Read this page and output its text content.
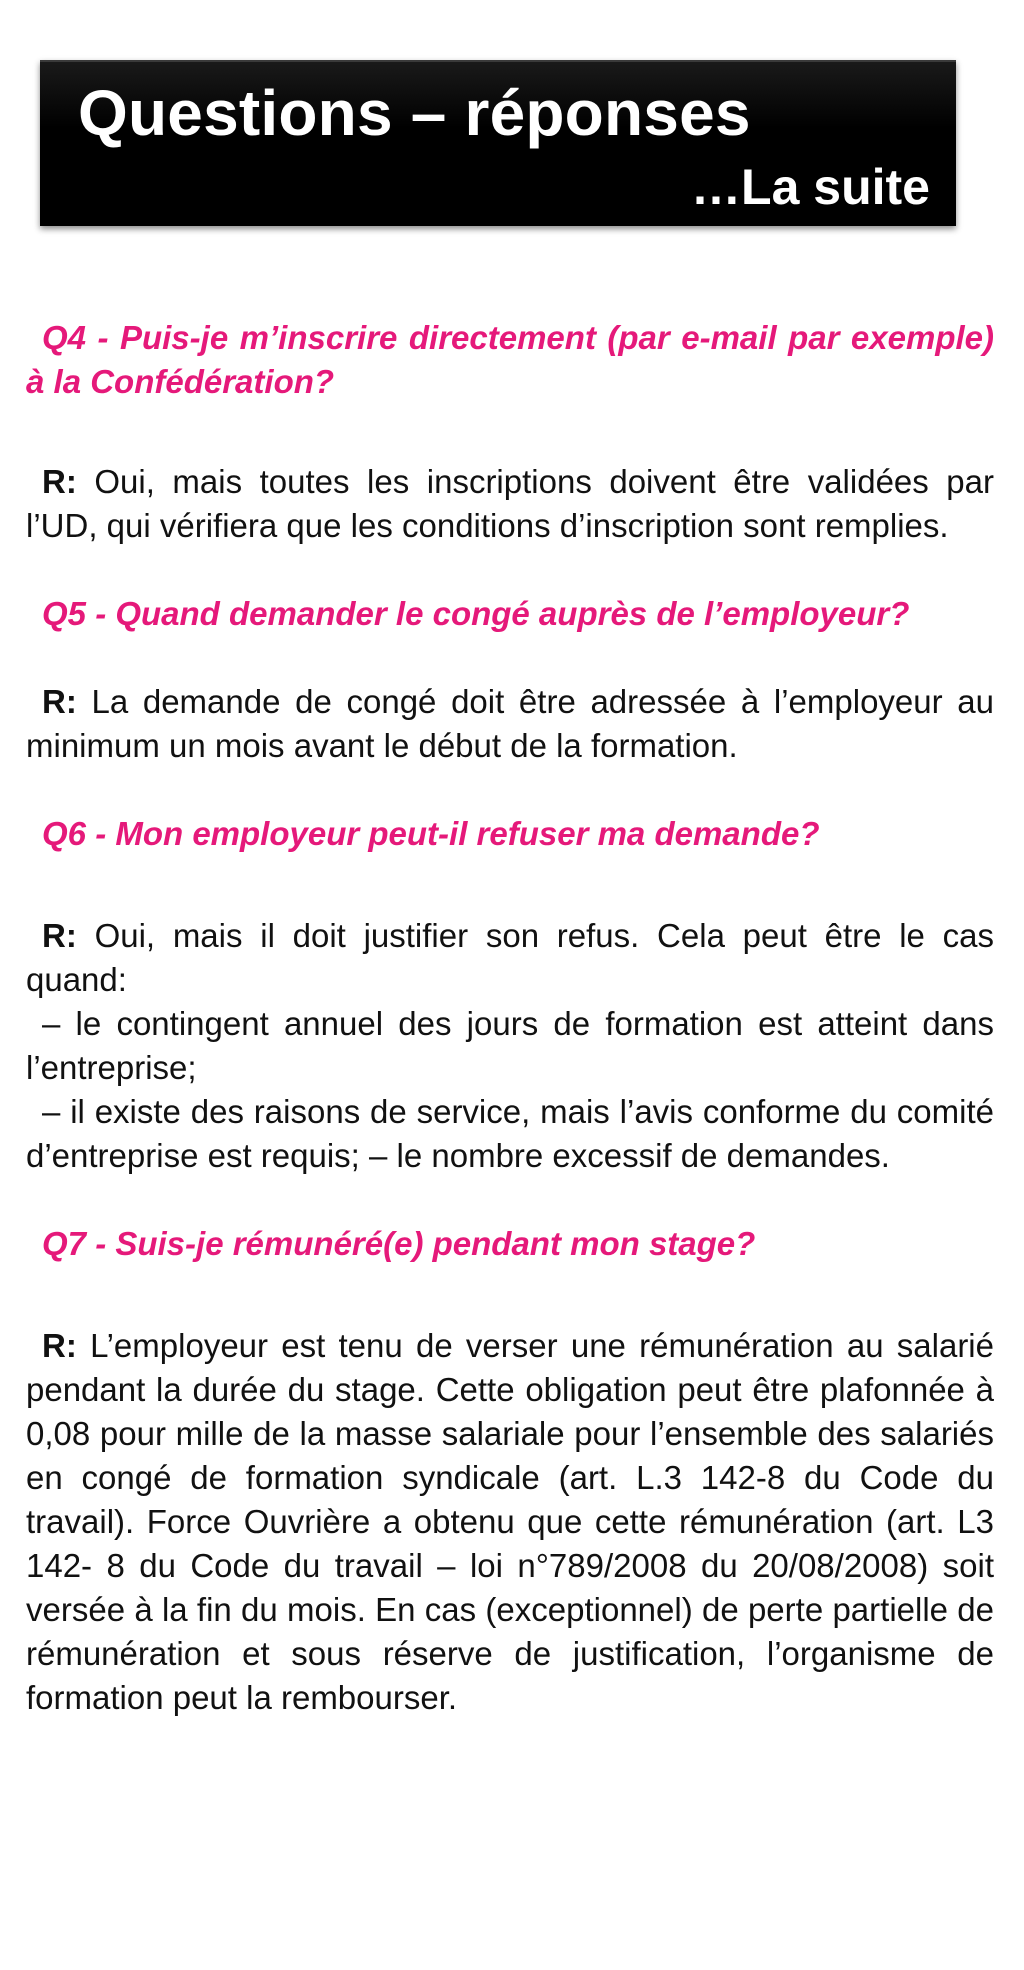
Questions – réponses
…La suite

Q4 - Puis-je m’inscrire directement (par e-mail par exemple) à la Confédération?

R: Oui, mais toutes les inscriptions doivent être validées par l’UD, qui vérifiera que les conditions d’inscription sont remplies.

Q5 - Quand demander le congé auprès de l’employeur?

R: La demande de congé doit être adressée à l’employeur au minimum un mois avant le début de la formation.

Q6 - Mon employeur peut-il refuser ma demande?

R: Oui, mais il doit justifier son refus. Cela peut être le cas quand:

– le contingent annuel des jours de formation est atteint dans l’entreprise;

– il existe des raisons de service, mais l’avis conforme du comité d’entreprise est requis; – le nombre excessif de demandes.

Q7 - Suis-je rémunéré(e) pendant mon stage?

R: L’employeur est tenu de verser une rémunération au salarié pendant la durée du stage. Cette obligation peut être plafonnée à 0,08 pour mille de la masse salariale pour l’ensemble des salariés en congé de formation syndicale (art. L.3 142-8 du Code du travail). Force Ouvrière a obtenu que cette rémunération (art. L3 142- 8 du Code du travail – loi n°789/2008 du 20/08/2008) soit versée à la fin du mois. En cas (exceptionnel) de perte partielle de rémunération et sous réserve de justification, l’organisme de formation peut la rembourser.
